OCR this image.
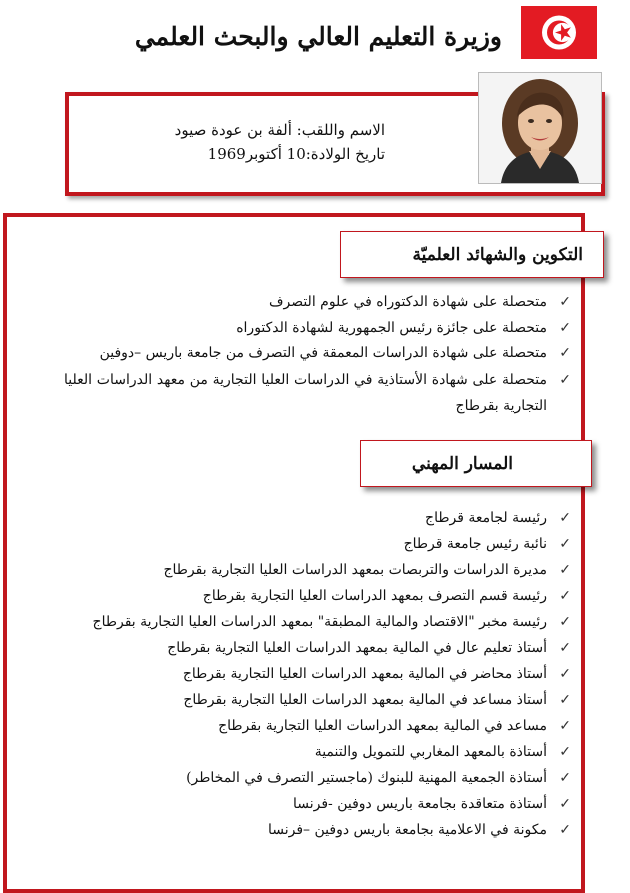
وزيرة التعليم العالي والبحث العلمي
الاسم واللقب: ألفة بن عودة صيود
تاريخ الولادة:10 أكتوبر1969
التكوين والشهائد العلميّة
✓
متحصلة على شهادة الدكتوراه في علوم التصرف
✓
متحصلة على جائزة رئيس الجمهورية لشهادة الدكتوراه
✓
متحصلة على شهادة الدراسات المعمقة في التصرف من جامعة باريس –دوفين
✓
متحصلة على شهادة الأستاذية في الدراسات العليا التجارية من معهد الدراسات العليا التجارية بقرطاج
المسار المهني
✓
رئيسة لجامعة قرطاج
✓
نائبة رئيس جامعة قرطاج
✓
مديرة الدراسات والتربصات بمعهد الدراسات العليا التجارية بقرطاج
✓
رئيسة قسم التصرف بمعهد الدراسات العليا التجارية بقرطاج
✓
رئيسة مخبر "الاقتصاد والمالية المطبقة" بمعهد الدراسات العليا التجارية بقرطاج
✓
أستاذ تعليم عال في المالية بمعهد الدراسات العليا التجارية بقرطاج
✓
أستاذ محاضر في المالية بمعهد الدراسات العليا التجارية بقرطاج
✓
أستاذ مساعد في المالية بمعهد الدراسات العليا التجارية بقرطاج
✓
مساعد في المالية بمعهد الدراسات العليا التجارية بقرطاج
✓
أستاذة بالمعهد المغاربي للتمويل والتنمية
✓
أستاذة الجمعية المهنية للبنوك (ماجستير التصرف في المخاطر)
✓
أستاذة متعاقدة بجامعة باريس دوفين -فرنسا
✓
مكونة في الاعلامية بجامعة باريس دوفين –فرنسا
